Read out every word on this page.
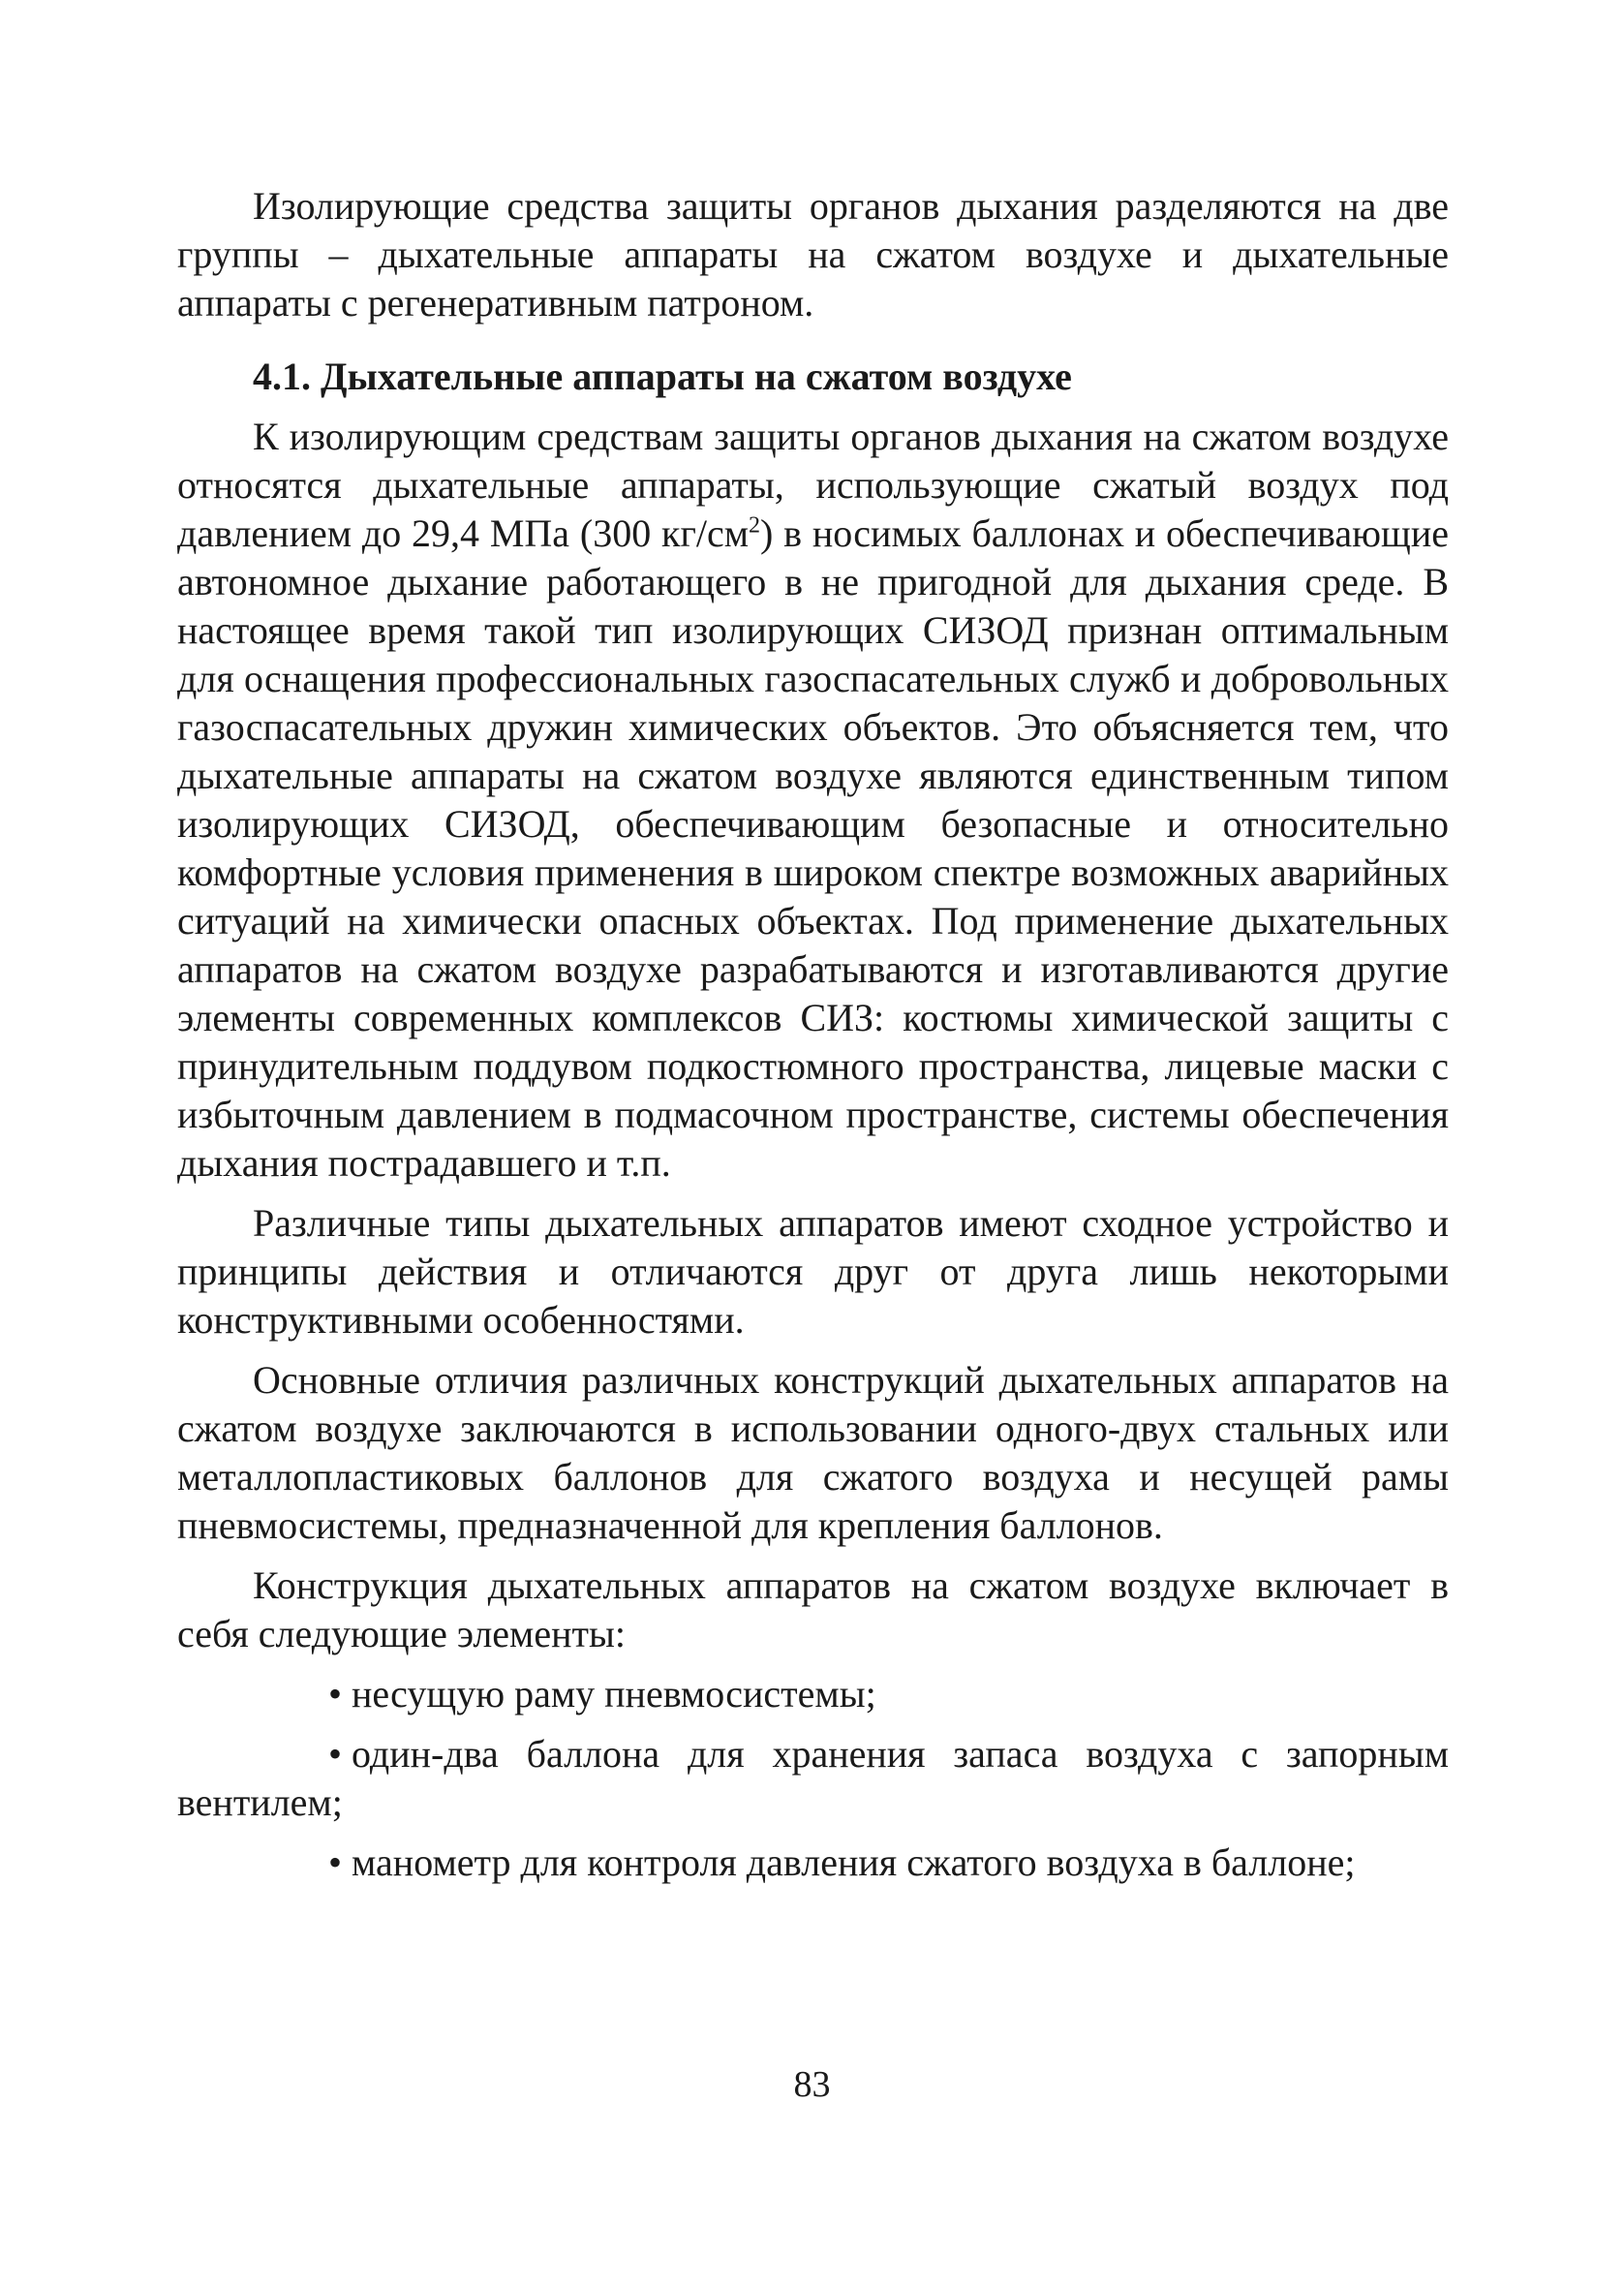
Изолирующие средства защиты органов дыхания разделяются на две группы – дыхательные аппараты на сжатом воздухе и дыхательные аппараты с регенеративным патроном.

4.1. Дыхательные аппараты на сжатом воздухе

К изолирующим средствам защиты органов дыхания на сжатом воздухе относятся дыхательные аппараты, использующие сжатый воздух под давлением до 29,4 МПа (300 $кг/см^2$) в носимых баллонах и обеспечивающие автономное дыхание работающего в не пригодной для дыхания среде. В настоящее время такой тип изолирующих СИЗОД признан оптимальным для оснащения профессиональных газоспасательных служб и добровольных газоспасательных дружин химических объектов. Это объясняется тем, что дыхательные аппараты на сжатом воздухе являются единственным типом изолирующих СИЗОД, обеспечивающим безопасные и относительно комфортные условия применения в широком спектре возможных аварийных ситуаций на химически опасных объектах. Под применение дыхательных аппаратов на сжатом воздухе разрабатываются и изготавливаются другие элементы современных комплексов СИЗ: костюмы химической защиты с принудительным поддувом подкостюмного пространства, лицевые маски с избыточным давлением в подмасочном пространстве, системы обеспечения дыхания пострадавшего и т.п.

Различные типы дыхательных аппаратов имеют сходное устройство и принципы действия и отличаются друг от друга лишь некоторыми конструктивными особенностями.

Основные отличия различных конструкций дыхательных аппаратов на сжатом воздухе заключаются в использовании одного-двух стальных или металлопластиковых баллонов для сжатого воздуха и несущей рамы пневмосистемы, предназначенной для крепления баллонов.

Конструкция дыхательных аппаратов на сжатом воздухе включает в себя следующие элементы:

• несущую раму пневмосистемы;
• один-два баллона для хранения запаса воздуха с запорным вентилем;
• манометр для контроля давления сжатого воздуха в баллоне;
83
